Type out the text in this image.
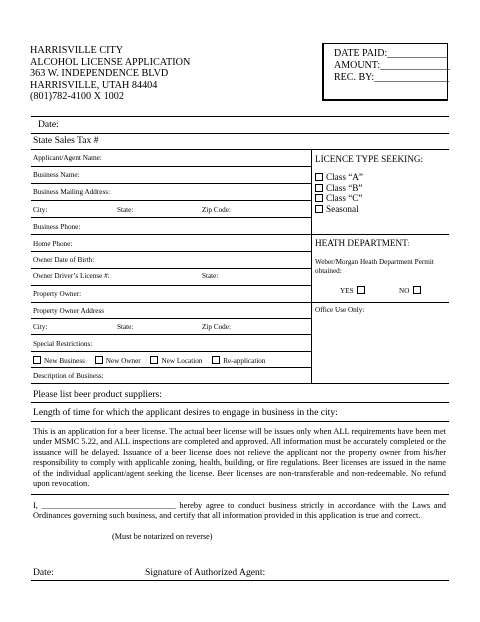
HARRISVILLE CITY
ALCOHOL LICENSE APPLICATION
363 W. INDEPENDENCE BLVD
HARRISVILLE, UTAH 84404
(801)782-4100 X 1002
DATE PAID:____________
AMOUNT:______________
REC. BY:_______________
Date:
State Sales Tax #
Applicant/Agent Name:
Business Name:
Business Mailing Address:
City:	State:	Zip Code:
Business Phone:
Home Phone:
Owner Date of Birth:
Owner Driver’s License #:	State:
Property Owner:
Property Owner Address
City:	State:	Zip Code:
Special Restrictions:
New Business	New Owner	New Location	Re-application
Description of Business:
LICENCE TYPE SEEKING:
Class “A”
Class “B”
Class “C”
Seasonal
HEATH DEPARTMENT:
Weber/Morgan Heath Department Permit obtained:
YES	NO
Office Use Only:
Please list beer product suppliers:
Length of time for which the applicant desires to engage in business in the city:
This is an application for a beer license. The actual beer license will be issues only when ALL requirements have been met under MSMC 5.22, and ALL inspections are completed and approved. All information must be accurately completed or the issuance will be delayed. Issuance of a beer license does not relieve the applicant nor the property owner from his/her responsibility to comply with applicable zoning, health, building, or fire regulations. Beer licenses are issued in the name of the individual applicant/agent seeking the license. Beer licenses are non-transferable and non-redeemable. No refund upon revocation.
I, ________________________________ hereby agree to conduct business strictly in accordance with the Laws and Ordinances governing such business, and certify that all information provided in this application is true and correct.
(Must be notarized on reverse)
Date:	Signature of Authorized Agent:
